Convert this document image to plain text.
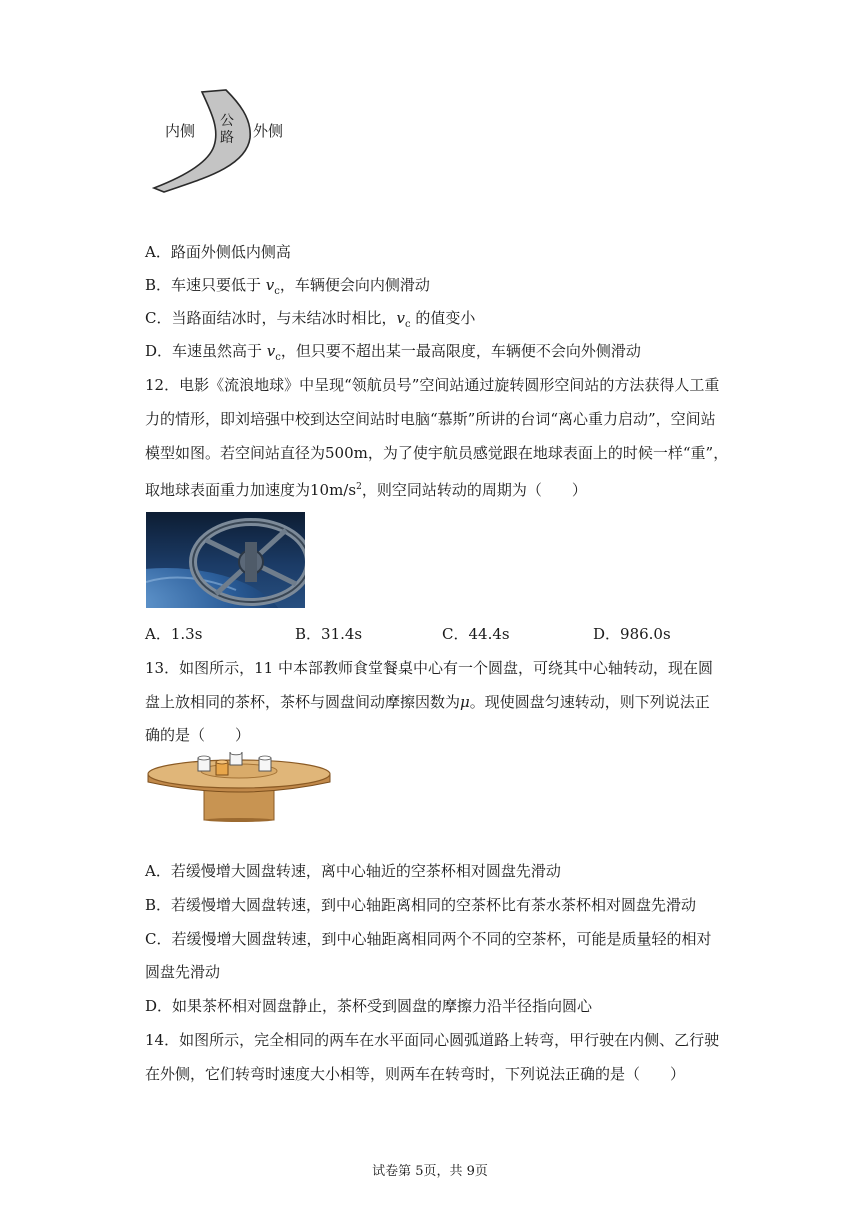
内侧	外侧
公
路
A．路面外侧低内侧高
B．车速只要低于 $v_c$，车辆便会向内侧滑动
C．当路面结冰时，与未结冰时相比，$v_c$ 的值变小
D．车速虽然高于 $v_c$，但只要不超出某一最高限度，车辆便不会向外侧滑动
12．电影《流浪地球》中呈现“领航员号”空间站通过旋转圆形空间站的方法获得人工重
力的情形，即刘培强中校到达空间站时电脑“慕斯”所讲的台词“离心重力启动”，空间站
模型如图。若空间站直径为500m，为了使宇航员感觉跟在地球表面上的时候一样“重”，
取地球表面重力加速度为$10m/s^2$，则空同站转动的周期为（　　）
A．1.3s	B．31.4s	C．44.4s	D．986.0s
13．如图所示，11 中本部教师食堂餐桌中心有一个圆盘，可绕其中心轴转动，现在圆
盘上放相同的茶杯，茶杯与圆盘间动摩擦因数为μ。现使圆盘匀速转动，则下列说法正
确的是（　　）
A．若缓慢增大圆盘转速，离中心轴近的空茶杯相对圆盘先滑动
B．若缓慢增大圆盘转速，到中心轴距离相同的空茶杯比有茶水茶杯相对圆盘先滑动
C．若缓慢增大圆盘转速，到中心轴距离相同两个不同的空茶杯，可能是质量轻的相对
圆盘先滑动
D．如果茶杯相对圆盘静止，茶杯受到圆盘的摩擦力沿半径指向圆心
14．如图所示，完全相同的两车在水平面同心圆弧道路上转弯，甲行驶在内侧、乙行驶
在外侧，它们转弯时速度大小相等，则两车在转弯时，下列说法正确的是（　　）
试卷第 5页，共 9页
